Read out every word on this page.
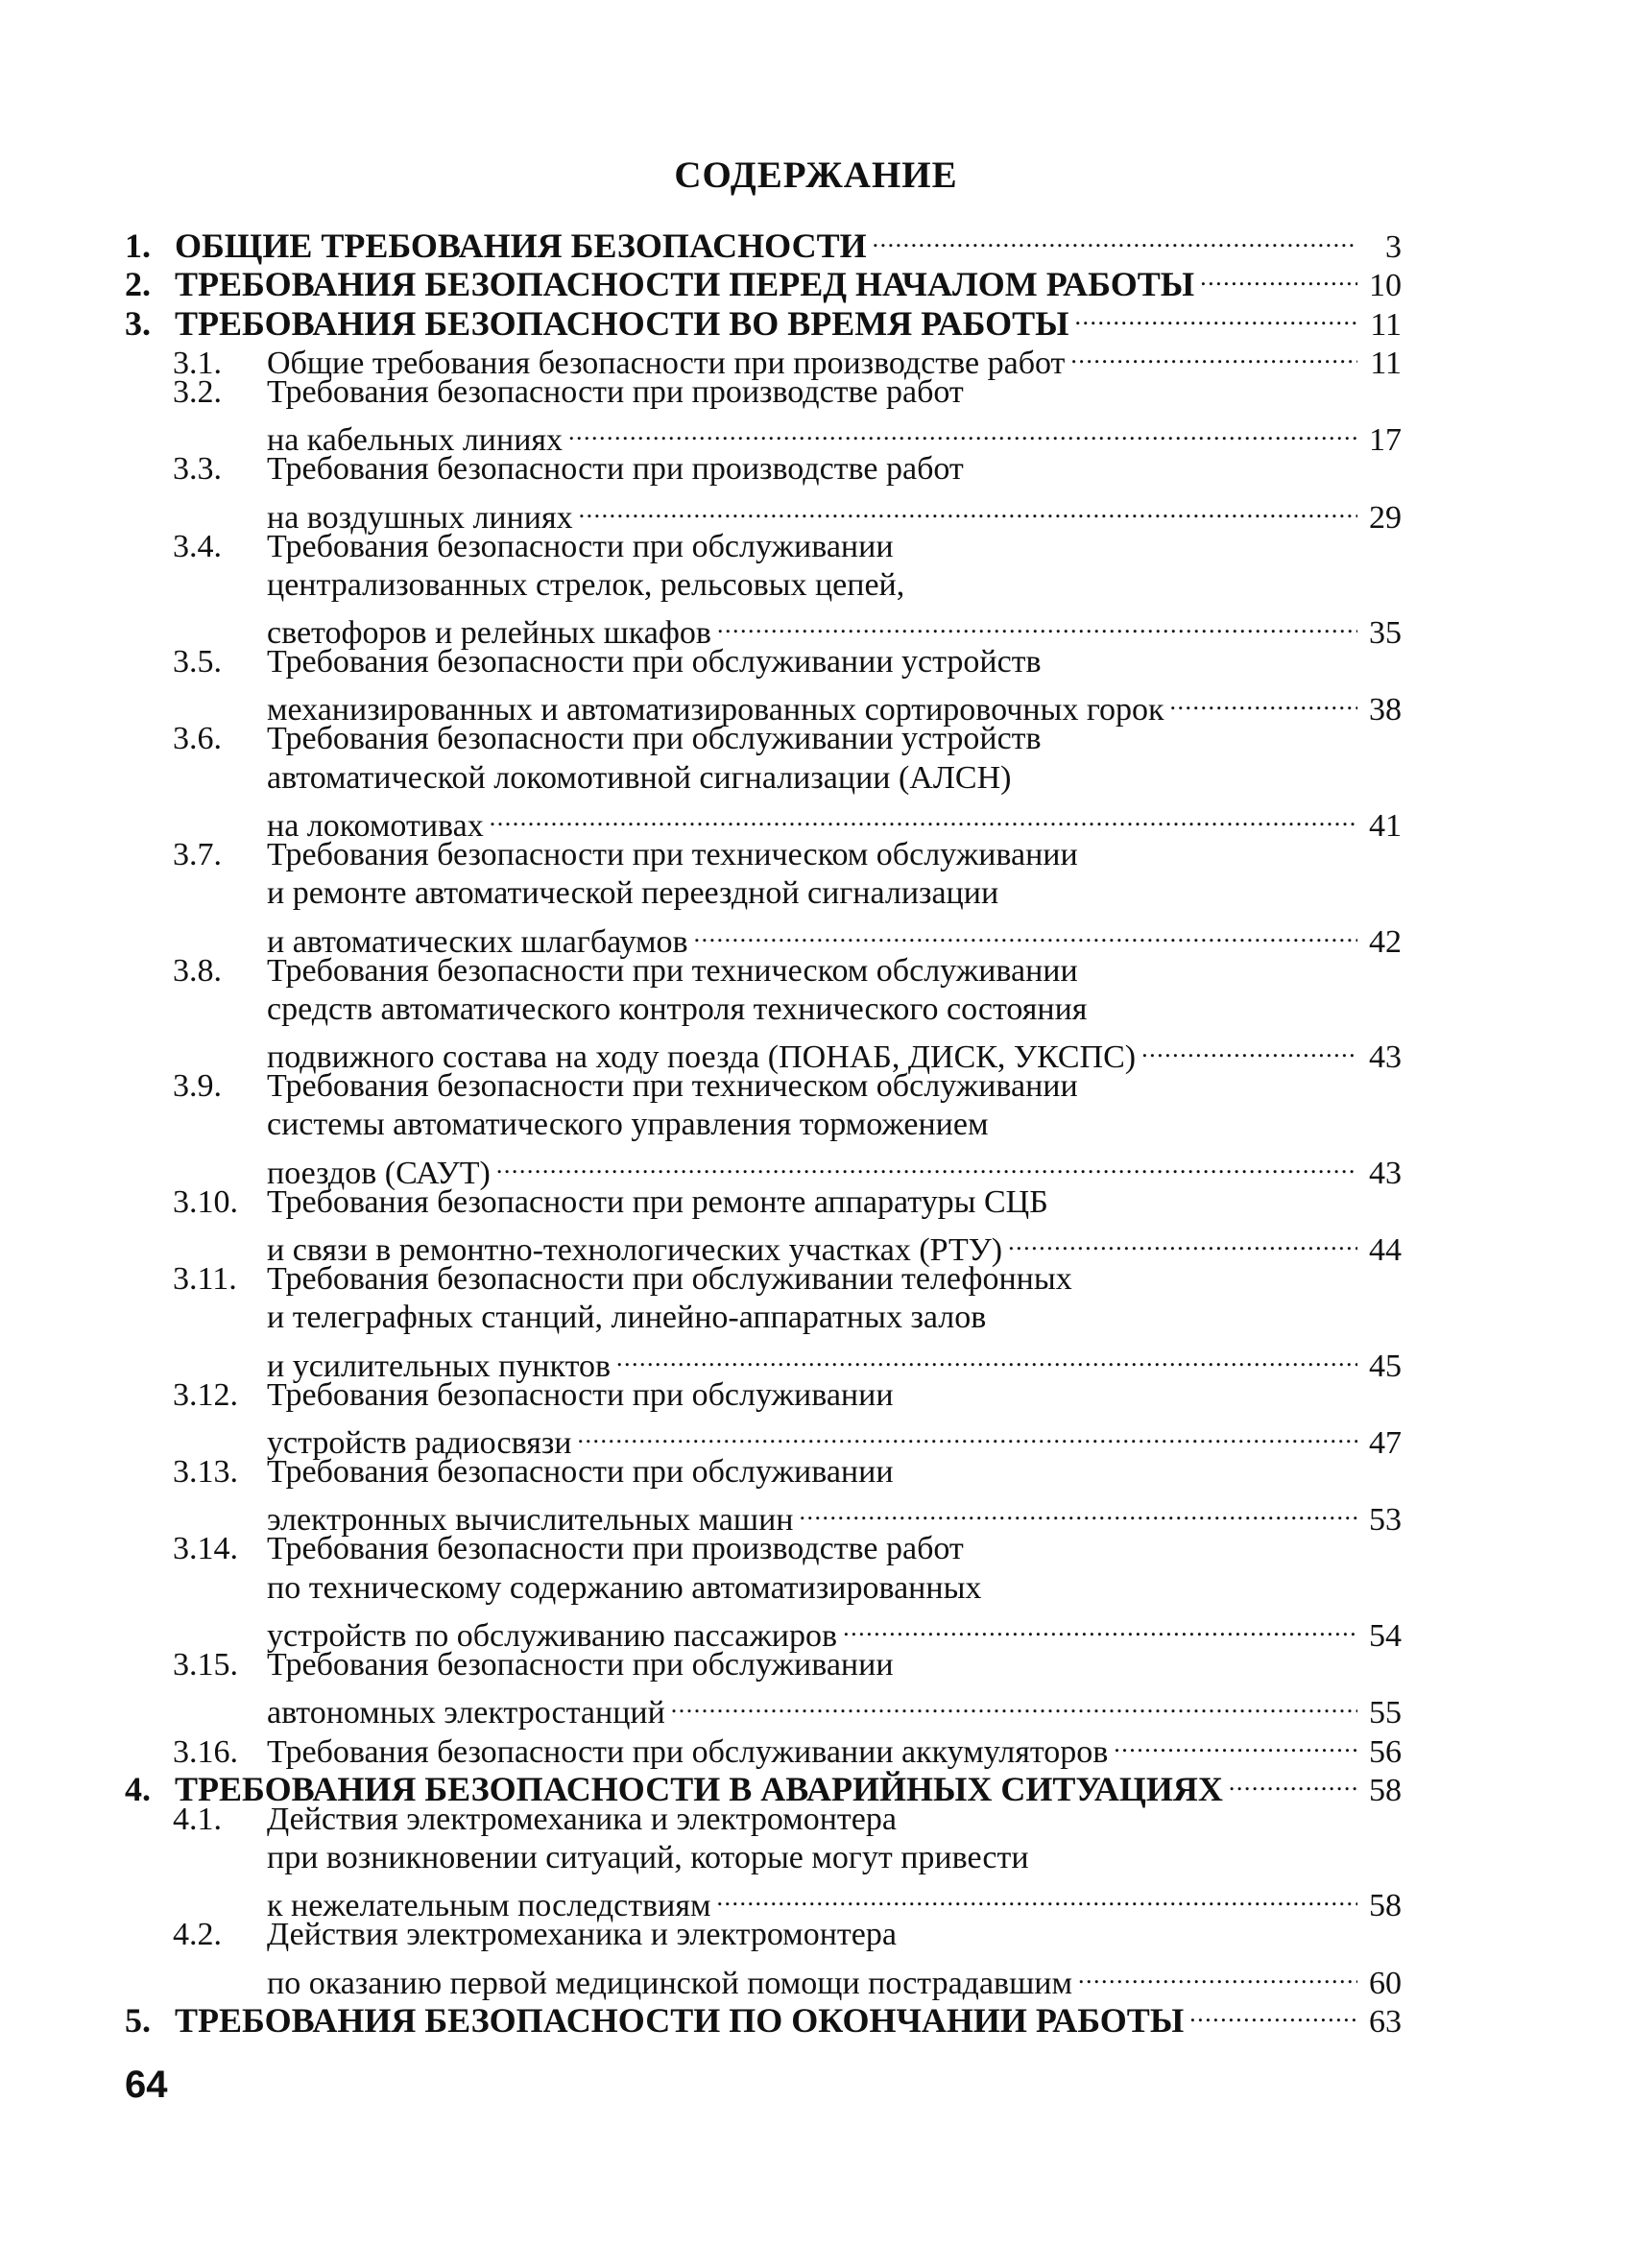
СОДЕРЖАНИЕ
1. ОБЩИЕ ТРЕБОВАНИЯ БЕЗОПАСНОСТИ .....	3
2. ТРЕБОВАНИЯ БЕЗОПАСНОСТИ ПЕРЕД НАЧАЛОМ РАБОТЫ .....	10
3. ТРЕБОВАНИЯ БЕЗОПАСНОСТИ ВО ВРЕМЯ РАБОТЫ .....	11
3.1.	Общие требования безопасности при производстве работ .....	11
3.2.	Требования безопасности при производстве работ
на кабельных линиях .....	17
3.3.	Требования безопасности при производстве работ
на воздушных линиях .....	29
3.4.	Требования безопасности при обслуживании
централизованных стрелок, рельсовых цепей,
светофоров и релейных шкафов .....	35
3.5.	Требования безопасности при обслуживании устройств
механизированных и автоматизированных сортировочных горок .....	38
3.6.	Требования безопасности при обслуживании устройств
автоматической локомотивной сигнализации (АЛСН)
на локомотивах .....	41
3.7.	Требования безопасности при техническом обслуживании
и ремонте автоматической переездной сигнализации
и автоматических шлагбаумов .....	42
3.8.	Требования безопасности при техническом обслуживании
средств автоматического контроля технического состояния
подвижного состава на ходу поезда (ПОНАБ, ДИСК, УКСПС) .....	43
3.9.	Требования безопасности при техническом обслуживании
системы автоматического управления торможением
поездов (САУТ) .....	43
3.10. Требования безопасности при ремонте аппаратуры СЦБ
и связи в ремонтно-технологических участках (РТУ) .....	44
3.11. Требования безопасности при обслуживании телефонных
и телеграфных станций, линейно-аппаратных залов
и усилительных пунктов .....	45
3.12. Требования безопасности при обслуживании
устройств радиосвязи .....	47
3.13. Требования безопасности при обслуживании
электронных вычислительных машин .....	53
3.14. Требования безопасности при производстве работ
по техническому содержанию автоматизированных
устройств по обслуживанию пассажиров .....	54
3.15. Требования безопасности при обслуживании
автономных электростанций .....	55
3.16. Требования безопасности при обслуживании аккумуляторов .....	56
4. ТРЕБОВАНИЯ БЕЗОПАСНОСТИ В АВАРИЙНЫХ СИТУАЦИЯХ .....	58
4.1.	Действия электромеханика и электромонтера
при возникновении ситуаций, которые могут привести
к нежелательным последствиям .....	58
4.2.	Действия электромеханика и электромонтера
по оказанию первой медицинской помощи пострадавшим .....	60
5. ТРЕБОВАНИЯ БЕЗОПАСНОСТИ ПО ОКОНЧАНИИ РАБОТЫ .....	63
64
